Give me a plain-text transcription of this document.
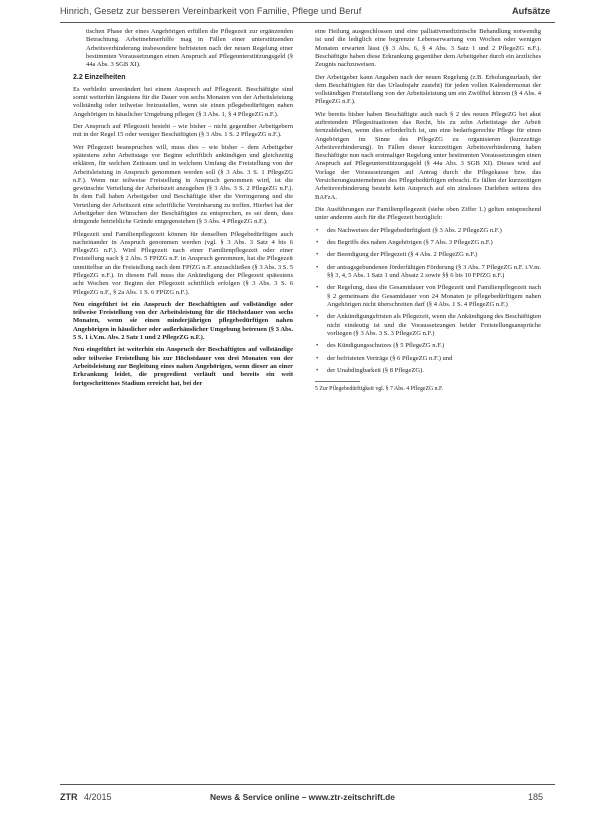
Hinrich, Gesetz zur besseren Vereinbarkeit von Familie, Pflege und Beruf	Aufsätze

tischen Phase der eines Angehörigen erfüllen die Pflegezeit zur ergänzenden Betrachtung. Arbeitnehmerhilfe mag in Fällen einer unterstützenden Arbeitsverhinderung insbesondere befristeten nach der neuen Regelung einer bestimmten Voraussetzungen einen Anspruch auf Pflegeunterstützungsgeld (§ 44a Abs. 3 SGB XI).

2.2 Einzelheiten

Es verbleibt unverändert bei einem Anspruch auf Pflegezeit. Beschäftigte sind somit weiterhin längstens für die Dauer von sechs Monaten von der Arbeitsleistung vollständig oder teilweise freizustellen, wenn sie einen pflegebedürftigen nahen Angehörigen in häuslicher Umgebung pflegen (§ 3 Abs. 1, § 4 PflegeZG n.F.).

Der Anspruch auf Pflegezeit besteht – wie bisher – nicht gegenüber Arbeitgebern mit in der Regel 15 oder weniger Beschäftigten (§ 3 Abs. 1 S. 2 PflegeZG n.F.).

Wer Pflegezeit beanspruchen will, muss dies – wie bisher – dem Arbeitgeber spätestens zehn Arbeitstage vor Beginn schriftlich ankündigen und gleichzeitig erklären, für welchen Zeitraum und in welchem Umfang die Freistellung von der Arbeitsleistung in Anspruch genommen werden soll (§ 3 Abs. 3 S. 1 PflegeZG n.F.). Wenn nur teilweise Freistellung in Anspruch genommen wird, ist die gewünschte Verteilung der Arbeitszeit anzugeben (§ 3 Abs. 3 S. 2 PflegeZG n.F.). In dem Fall haben Arbeitgeber und Beschäftigte über die Verringerung und die Verteilung der Arbeitszeit eine schriftliche Vereinbarung zu treffen. Hierbei hat der Arbeitgeber den Wünschen der Beschäftigten zu entsprechen, es sei denn, dass dringende betriebliche Gründe entgegenstehen (§ 3 Abs. 4 PflegeZG n.F.).

Pflegezeit und Familienpflegezeit können für denselben Pflegebedürftigen auch nacheinander in Anspruch genommen werden (vgl. § 3 Abs. 3 Satz 4 bis 6 PflegeZG n.F.). Wird Pflegezeit nach einer Familienpflegezeit oder einer Freistellung nach § 2 Abs. 5 FPfZG n.F. in Anspruch genommen, hat die Pflegezeit unmittelbar an die Freistellung nach dem FPfZG n.F. anzuschließen (§ 3 Abs. 3 S. 5 PflegeZG n.F.). In diesem Fall muss die Ankündigung der Pflegezeit spätestens acht Wochen vor Beginn der Pflegezeit schriftlich erfolgen (§ 3 Abs. 3 S. 6 PflegeZG n.F., § 2a Abs. 1 S. 6 FPfZG n.F.).

Neu eingeführt ist ein Anspruch der Beschäftigten auf vollständige oder teilweise Freistellung von der Arbeitsleistung für die Höchstdauer von sechs Monaten, wenn sie einen minderjährigen pflegebedürftigen nahen Angehörigen in häuslicher oder außerhäuslicher Umgebung betreuen (§ 3 Abs. 5 S. 1 i.V.m. Abs. 2 Satz 1 und 2 PflegeZG n.F.).

Neu eingeführt ist weiterhin ein Anspruch der Beschäftigten auf vollständige oder teilweise Freistellung bis zur Höchstdauer von drei Monaten von der Arbeitsleistung zur Begleitung eines nahen Angehörigen, wenn dieser an einer Erkrankung leidet, die progredient verläuft und bereits ein weit fortgeschrittenes Stadium erreicht hat, bei der

eine Heilung ausgeschlossen und eine palliativmedizinische Behandlung notwendig ist und die lediglich eine begrenzte Lebenserwartung von Wochen oder wenigen Monaten erwarten lässt (§ 3 Abs. 6, § 4 Abs. 3 Satz 1 und 2 PflegeZG n.F.). Beschäftigte haben diese Erkrankung gegenüber dem Arbeitgeber durch ein ärztliches Zeugnis nachzuweisen.

Der Arbeitgeber kann Angaben nach der neuen Regelung (z.B. Erholungsurlaub, der dem Beschäftigten für das Urlaubsjahr zusteht) für jeden vollen Kalendermonat der vollständigen Freistellung von der Arbeitsleistung um ein Zwölftel kürzen (§ 4 Abs. 4 PflegeZG n.F.).

Wie bereits bisher haben Beschäftigte auch nach § 2 des neuen PflegeZG bei akut auftretenden Pflegesituationen das Recht, bis zu zehn Arbeitstage der Arbeit fernzubleiben, wenn dies erforderlich ist, um eine bedarfsgerechte Pflege für einen Angehörigen im Sinne des PflegeZG zu organisieren (kurzzeitige Arbeitsverhinderung). In Fällen dieser kurzzeitigen Arbeitsverhinderung haben Beschäftigte nun nach erstmaliger Regelung unter bestimmten Voraussetzungen einen Anspruch auf Pflegeunterstützungsgeld (§ 44a Abs. 3 SGB XI). Dieses wird auf Vorlage der Voraussetzungen auf Antrag durch die Pflegekasse bzw. das Versicherungsunternehmen des Pflegebedürftigen erbracht. Es fällen der kurzzeitigen Arbeitsverhinderung besteht kein Anspruch auf ein zinsloses Darlehen seitens des BAFzA.

Die Ausführungen zur Familienpflegezeit (siehe oben Ziffer 1.) gelten entsprechend unter anderem auch für die Pflegezeit bezüglich:

• des Nachweises der Pflegebedürftigkeit (§ 3 Abs. 2 PflegeZG n.F.)
• des Begriffs des nahen Angehörigen (§ 7 Abs. 3 PflegeZG n.F.)
• der Beendigung der Pflegezeit (§ 4 Abs. 2 PflegeZG n.F.)
• der antragsgebundenen förderfähigen Förderung (§ 3 Abs. 7 PflegeZG n.F. i.V.m. §§ 3, 4, 5 Abs. 1 Satz 1 und Absatz 2 sowie §§ 6 bis 10 FPfZG n.F.)
• der Regelung, dass die Gesamtdauer von Pflegezeit und Familienpflegezeit nach § 2 gemeinsam die Gesamtdauer von 24 Monaten je pflegebedürftigem nahen Angehörigen nicht überschreiten darf (§ 4 Abs. 1 S. 4 PflegeZG n.F.)
• der Ankündigungsfristen als Pflegezeit, wenn die Ankündigung des Beschäftigten nicht eindeutig ist und die Voraussetzungen beider Freistellungsansprüche vorliegen (§ 3 Abs. 3 S. 3 PflegeZG n.F.)
• des Kündigungsschutzes (§ 5 PflegeZG n.F.)
• der befristeten Verträge (§ 6 PflegeZG n.F.) und
• der Unabdingbarkeit (§ 8 PflegeZG).
5 Zur Pflegebedürftigkeit vgl. § 7 Abs. 4 PflegeZG n.F.
ZTR 4/2015	News & Service online – www.ztr-zeitschrift.de	185
